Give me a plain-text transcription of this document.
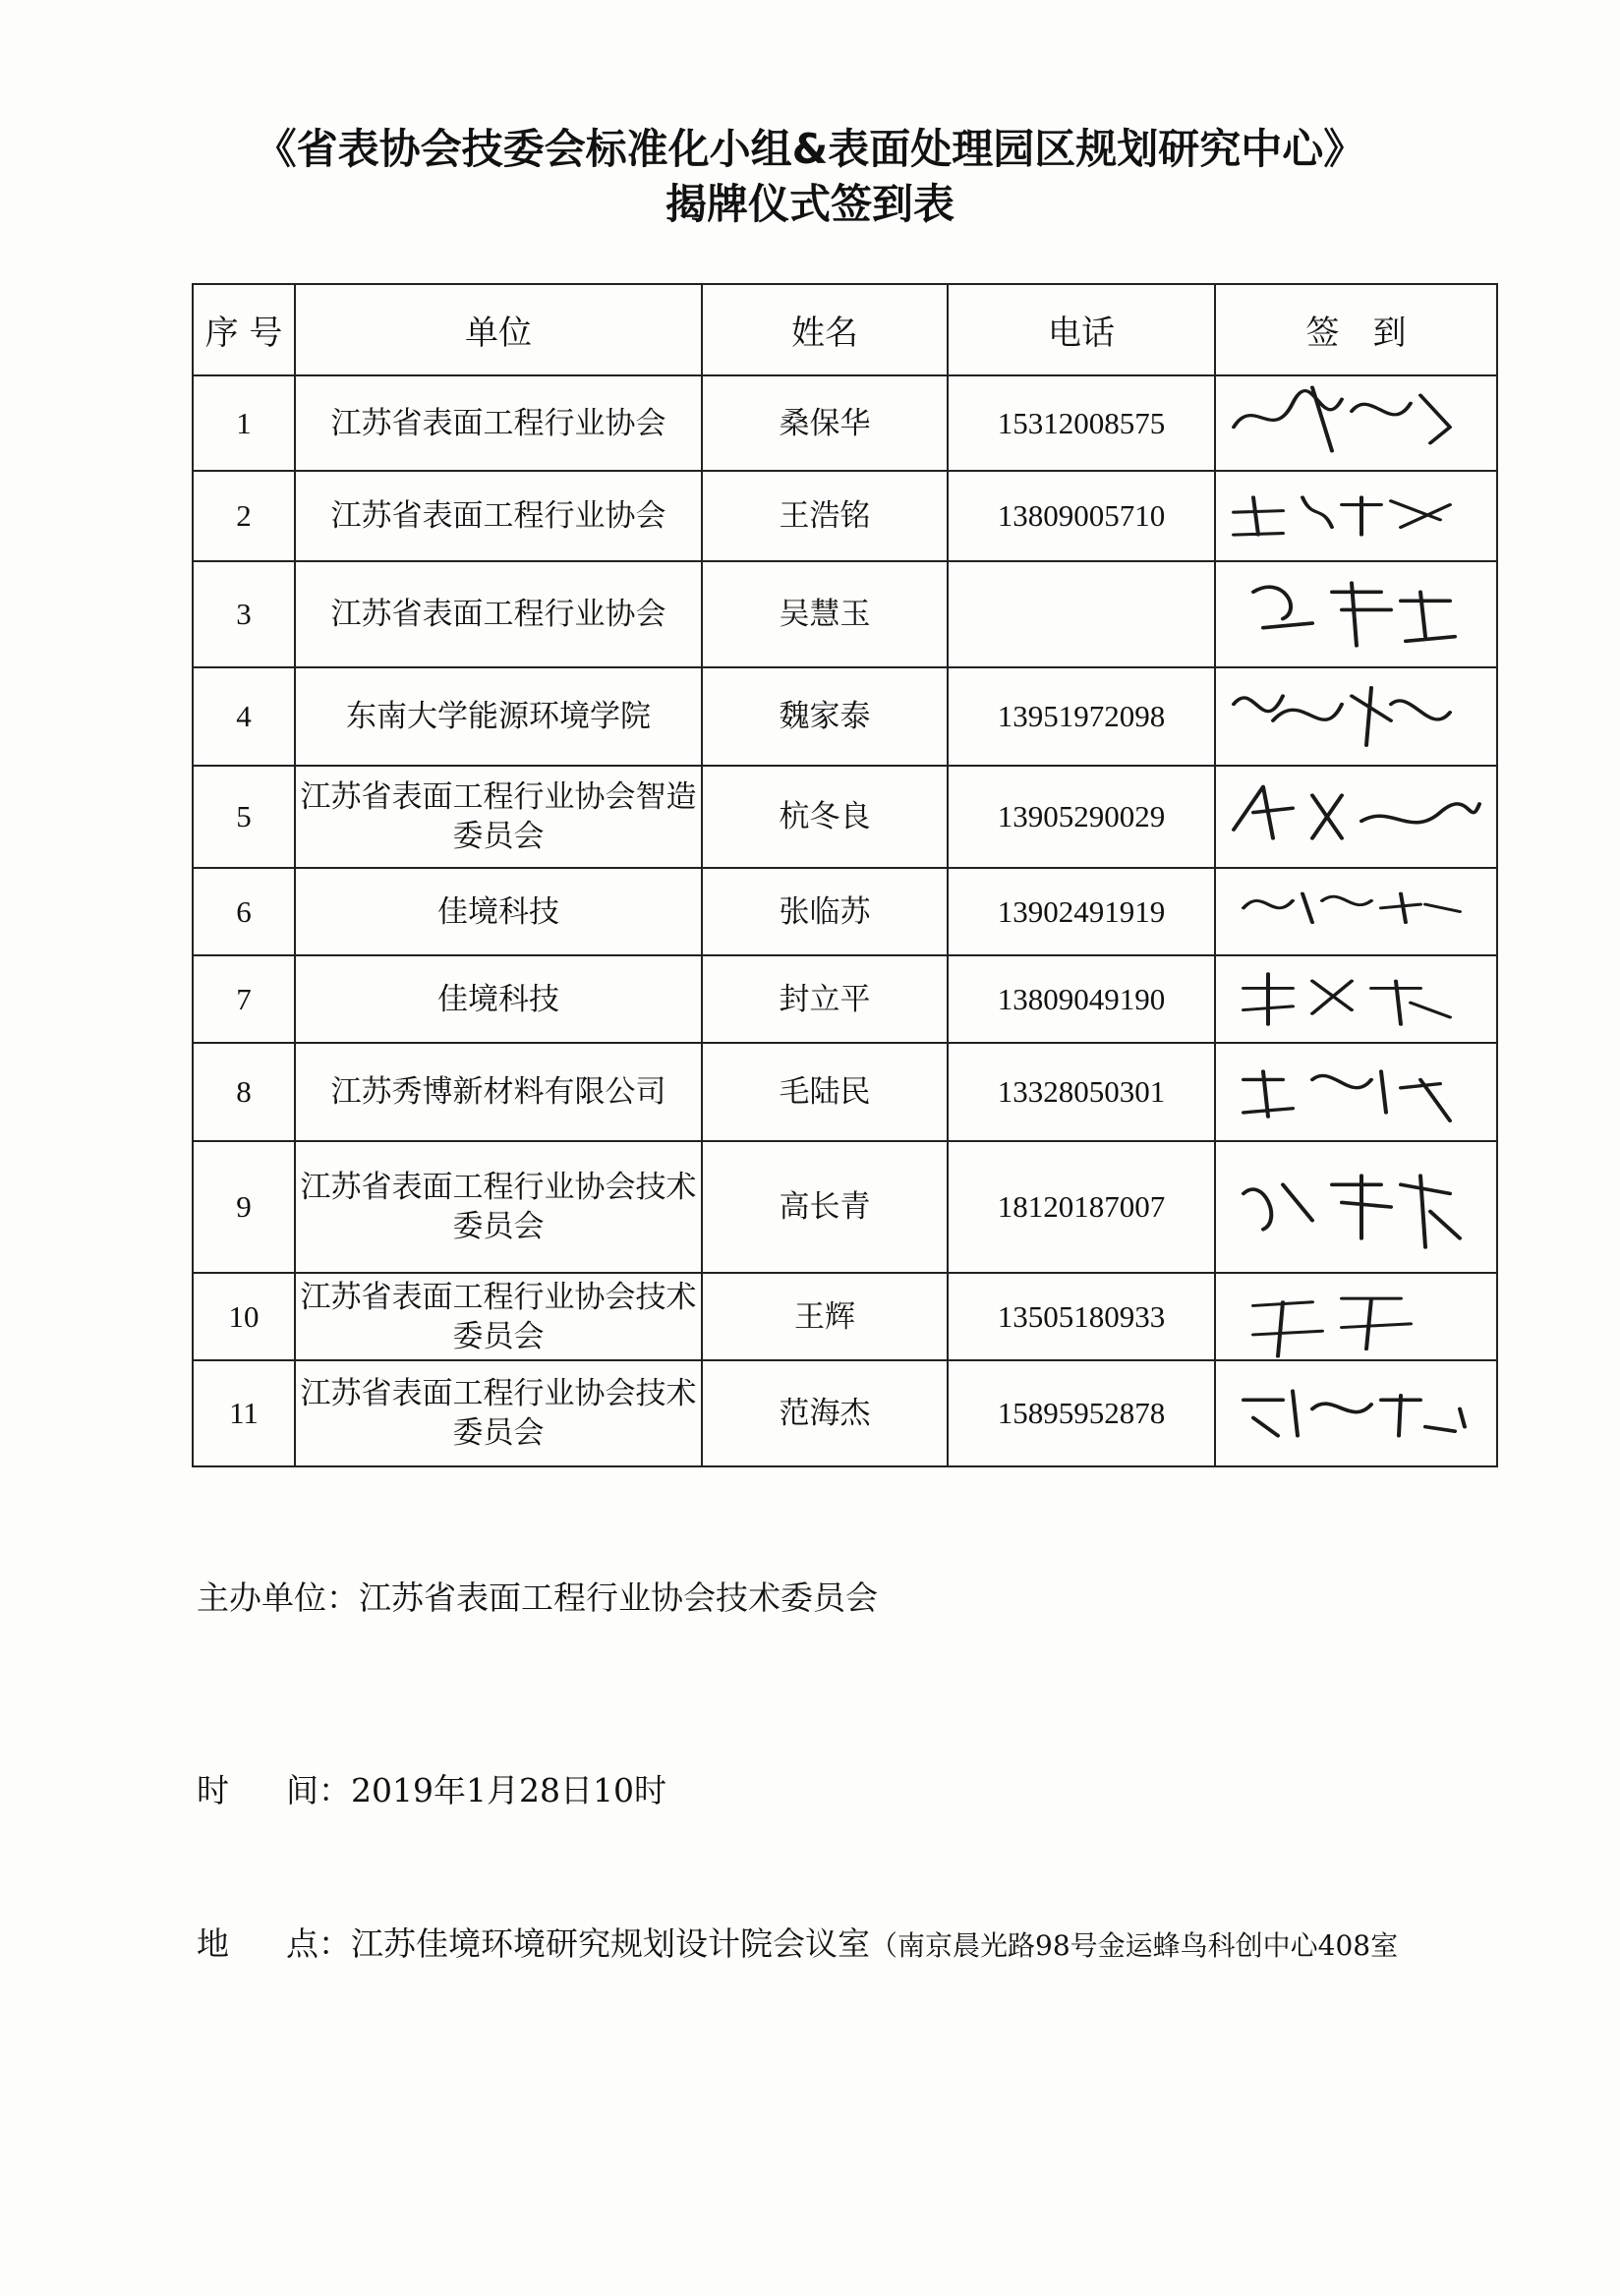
《省表协会技委会标准化小组&表面处理园区规划研究中心》
揭牌仪式签到表
序 号	单位	姓名	电话	签　到
1	江苏省表面工程行业协会	桑保华	15312008575	

2	江苏省表面工程行业协会	王浩铭	13809005710	

3	江苏省表面工程行业协会	吴慧玉		

4	东南大学能源环境学院	魏家泰	13951972098	

5	江苏省表面工程行业协会智造委员会	杭冬良	13905290029	

6	佳境科技	张临苏	13902491919	

7	佳境科技	封立平	13809049190	

8	江苏秀博新材料有限公司	毛陆民	13328050301	

9	江苏省表面工程行业协会技术委员会	高长青	18120187007	

10	江苏省表面工程行业协会技术委员会	王辉	13505180933	

11	江苏省表面工程行业协会技术委员会	范海杰	15895952878	

主办单位：江苏省表面工程行业协会技术委员会

时间：2019年1月28日10时

地点：江苏佳境环境研究规划设计院会议室（南京晨光路98号金运蜂鸟科创中心408室
